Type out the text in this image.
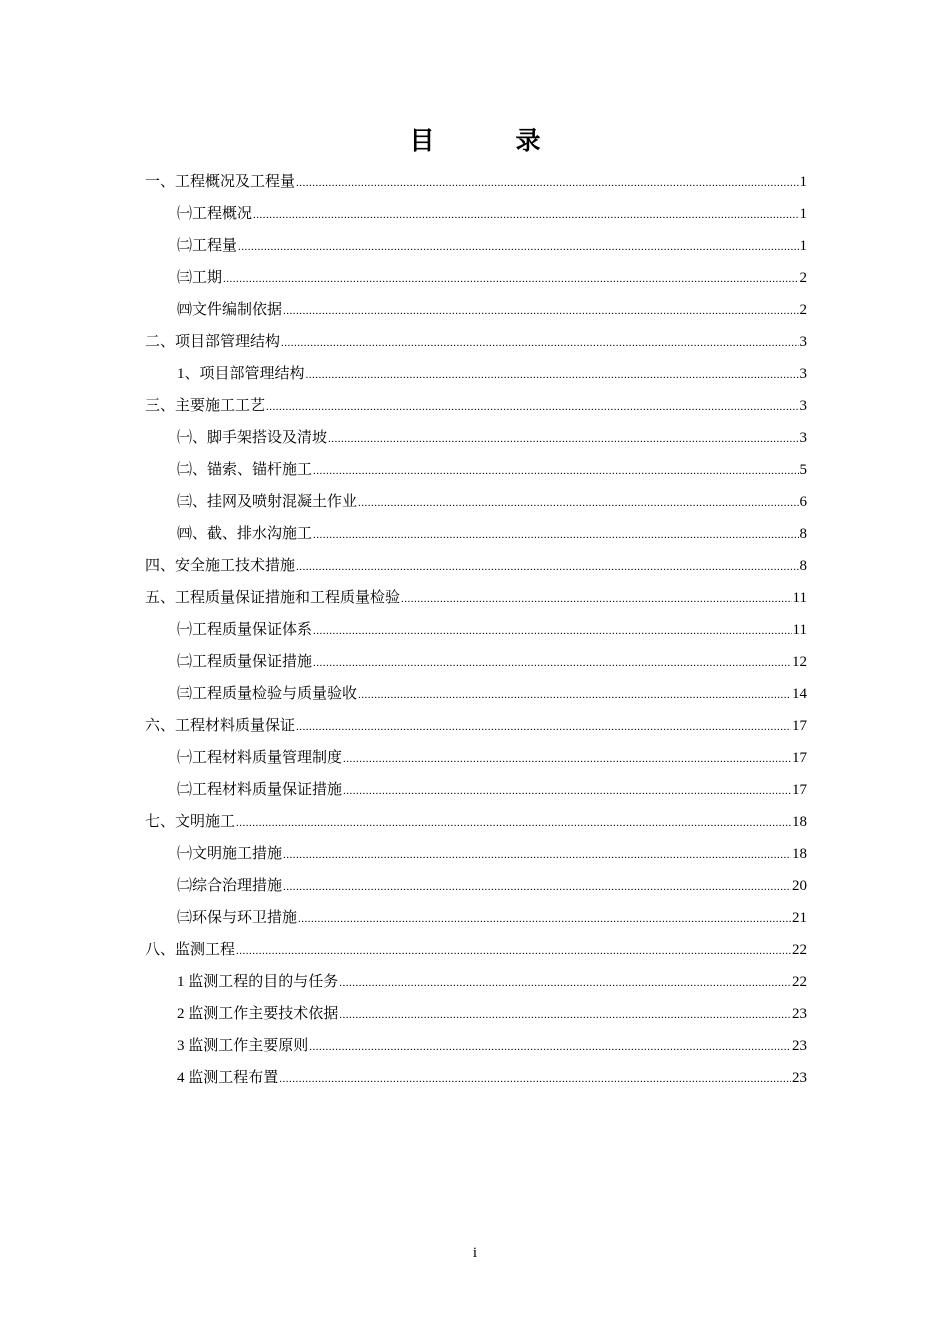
目　录
一、工程概况及工程量 .....	1
㈠工程概况 .....	1
㈡工程量 .....	1
㈢工期 .....	2
㈣文件编制依据 .....	2
二、项目部管理结构 .....	3
1、项目部管理结构 .....	3
三、主要施工工艺 .....	3
㈠、脚手架搭设及清坡 .....	3
㈡、锚索、锚杆施工 .....	5
㈢、挂网及喷射混凝土作业 .....	6
㈣、截、排水沟施工 .....	8
四、安全施工技术措施 .....	8
五、工程质量保证措施和工程质量检验 .....	11
㈠工程质量保证体系 .....	11
㈡工程质量保证措施 .....	12
㈢工程质量检验与质量验收 .....	14
六、工程材料质量保证 .....	17
㈠工程材料质量管理制度 .....	17
㈡工程材料质量保证措施 .....	17
七、文明施工 .....	18
㈠文明施工措施 .....	18
㈡综合治理措施 .....	20
㈢环保与环卫措施 .....	21
八、监测工程 .....	22
1 监测工程的目的与任务 .....	22
2 监测工作主要技术依据 .....	23
3 监测工作主要原则 .....	23
4 监测工程布置 .....	23
i
